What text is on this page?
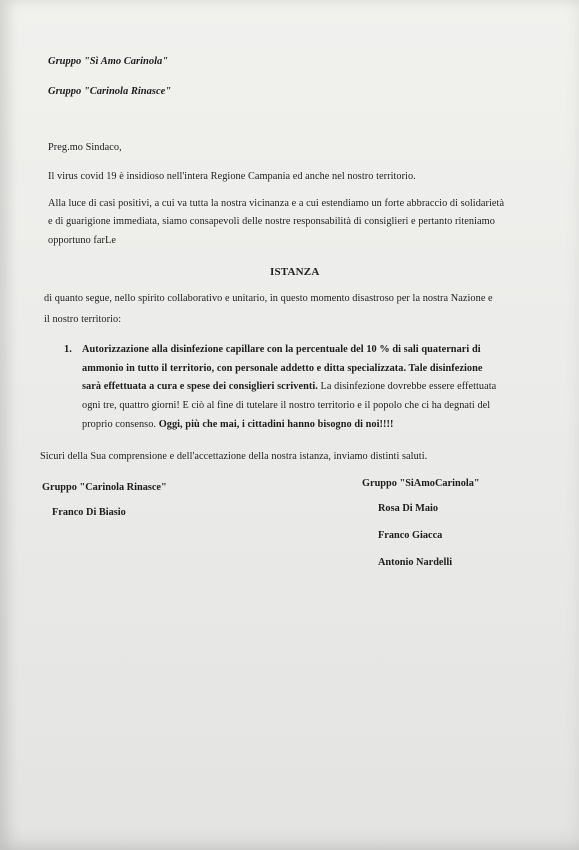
Gruppo "Sì Amo Carinola"
Gruppo "Carinola Rinasce"
Preg.mo Sindaco,
Il virus covid 19 è insidioso nell'intera Regione Campania ed anche nel nostro territorio.
Alla luce di casi positivi, a cui va tutta la nostra vicinanza e a cui estendiamo un forte abbraccio di solidarietà
e di guarigione immediata, siamo consapevoli delle nostre responsabilità di consiglieri e pertanto riteniamo
opportuno farLe
ISTANZA
di quanto segue, nello spirito collaborativo e unitario, in questo momento disastroso per la nostra Nazione e
il nostro territorio:
1. Autorizzazione alla disinfezione capillare con la percentuale del 10 % di sali quaternari di
ammonio in tutto il territorio, con personale addetto e ditta specializzata. Tale disinfezione
sarà effettuata a cura e spese dei consiglieri scriventi. La disinfezione dovrebbe essere effettuata
ogni tre, quattro giorni! E ciò al fine di tutelare il nostro territorio e il popolo che ci ha degnati del
proprio consenso. Oggi, più che mai, i cittadini hanno bisogno di noi!!!!
Sicuri della Sua comprensione e dell'accettazione della nostra istanza, inviamo distinti saluti.
Gruppo "Carinola Rinasce"
Franco Di Biasio
Gruppo "SiAmoCarinola"
Rosa Di Maio
Franco Giacca
Antonio Nardelli
